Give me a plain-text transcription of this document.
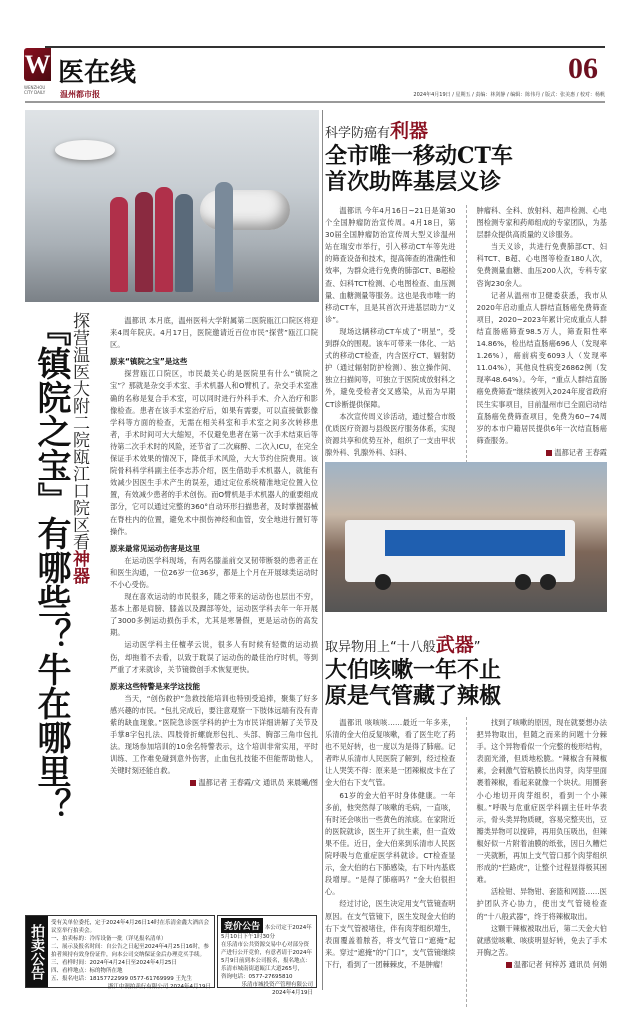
W
WENZHOU CITY DAILY
医在线
温州都市报
06
2024年4月19日 / 星期五 / 责编：林剑静 / 编辑：陈伟丹 / 版式：张美惠 / 校对：杨帆
『镇院之宝』有哪些？牛在哪里？
探营温医大附二院瓯江口院区看神器

温都讯 本月底，温州医科大学附属第二医院瓯江口院区将迎来4周年院庆。4月17日，医院邀请近百位市民“探营”瓯江口院区。

原来“镇院之宝”是这些

探营瓯江口院区，市民最关心的是医院里有什么“镇院之宝”？那就是杂交手术室、手术机器人和O臂机了。杂交手术室准确的名称是复合手术室，可以同时进行外科手术、介入治疗和影像检查。患者在该手术室治疗后，如果有需要，可以直接做影像学科等方面的检查，无需在相关科室和手术室之间多次转移患者，手术时间可大大缩短，不仅避免患者在第一次手术结束后等待第二次手术时的风险，还节省了二次麻醉、二次入ICU，在完全保证手术效果的情况下，降低手术风险，大大节约住院费用。该院骨科科学科副主任李志苏介绍，医生借助手术机器人，就能有效减少因医生手术产生的误差，通过定位系统精准地定位置入位置，有效减少患者的手术创伤。而O臂机是手术机器人的重要组成部分，它可以通过完整的360°自动环形扫描患者，及时掌握器械在脊柱内的位置，避免术中损伤神经和血管，安全地进行置钉等操作。

原来最常见运动伤害是这里

在运动医学科现场，有两名膝盖前交叉韧带断裂的患者正在和医生沟通，一位26岁一位36岁，都是上个月在开展球类运动时不小心受伤。

现在喜欢运动的市民很多，随之带来的运动伤也层出不穷，基本上都是肩膀、膝盖以及踝部等处，运动医学科去年一年开展了3000多例运动损伤手术，尤其是寒暑假，更是运动伤的高发期。

运动医学科主任檀孝云说，很多人有时候有轻微的运动损伤，却拖着不去看，以致于耽误了运动伤的最佳治疗时机，等到严重了才来就诊，关节镜微创手术恢复更快。

原来这些特警是来学这技能

当天，“创伤救护”急救技能培训也特别受追捧，聚集了好多感兴趣的市民。“包扎完成后，要注意观察一下肢体远端有没有青紫的缺血现象。”医院急诊医学科的护士为市民详细讲解了关节及手掌8字包扎法、四肢骨折螺旋形包扎、头部、胸部三角巾包扎法。现场参加培训的10余名特警表示，这个培训非常实用，平时训练、工作难免碰到意外伤害，止血包扎技能不但能帮助他人，关键时刻还能自救。

温都记者 王春霞/文 通讯员 來晨曦/图
拍卖公告
受有关单位委托，定于2024年4月26日14时在乐清金鑫大酒店会议室举行拍卖会。
一、拍卖标的：冷库设备一批（详见报名清单）
二、展示及报名时间：自公告之日起至2024年4月25日16时，参拍者须持有效身份证件，向本公司交纳保证金后办理竞买手续。
三、看样时间：2024年4月24日至2024年4月25日
四、看样地点：标的物所在地
五、报名电话：18157722999 0577-61769999 王先生
浙江中润拍卖行有限公司 2024年4月19日
竞价公告 本公司定于2024年5月10日下午1时30分
在乐清市公共资源交易中心对部分资产进行公开竞价，有意者请于2024年5月9日前到本公司报名，报名地点：乐清市城南街道瓯江大道265号，
咨询电话：0577-27695810
乐清市城投资产管理有限公司
2024年4月19日
科学防癌有利器
全市唯一移动CT车
首次助阵基层义诊

温都讯 今年4月16日~21日是第30个全国肿瘤防治宣传周。4月18日，第30届全国肿瘤防治宣传周大型义诊温州站在瑞安市举行，引入移动CT车等先进的筛查设备和技术，提高筛查的准确性和效率，为群众进行免费的肺部CT、B超检查、妇科TCT检测、心电图检查、血压测量、血糖测量等服务。这也是我市唯一的移动CT车，且是其首次开进基层助力“义诊”。

现场这辆移动CT车成了“明星”，受到群众的围观。该车可带来一体化、一站式的移动CT检查，内含医疗CT、辐射防护（通过辐射防护检测）、独立操作间、独立扫描间等，可独立于医院成放射科之外，避免受检者交叉感染，从而为早期CT诊断提供保障。

本次宣传周义诊活动，通过整合市级优质医疗资源与县级医疗服务体系，实现资源共享和优势互补，组织了一支由甲状腺外科、乳腺外科、妇科、

肿瘤科、全科、放射科、超声检测、心电图检测专家和药师组成的专家团队，为基层群众提供高质量的义诊服务。

当天义诊，共进行免费肺部CT、妇科TCT、B超、心电图等检查180人次，免费测量血糖、血压200人次，专科专家咨询230余人。

记者从温州市卫健委获悉，我市从2020年启动重点人群结直肠癌免费筛查项目，2020~2023年累计完成重点人群结直肠癌筛查98.5万人，筛查阳性率14.86%，检出结直肠癌696人（发现率1.26%），癌前病变6093人（发现率11.04%），其他良性病变26862例（发现率48.64%）。今年，“重点人群结直肠癌免费筛查”继续被列入2024年度省政府民生实事项目，目前温州市已全面启动结直肠癌免费筛查项目，免费为60~74周岁的本市户籍居民提供6年一次结直肠癌筛查服务。

温都记者 王春霞
取异物用上“十八般武器”
大伯咳嗽一年不止
原是气管藏了辣椒

温都讯 咳咳咳……最近一年多来，乐清的金大伯反复咳嗽，看了医生吃了药也不见好转，也一度以为是得了肺癌。记者昨从乐清市人民医院了解到，经过检查让人哭笑不得：原来是一团辣椒皮卡在了金大伯右下支气管。

61岁的金大伯平时身体健康。一年多前，他突然得了咳嗽的毛病，一直咳，有时还会咳出一些黄色的浓痰。在家附近的医院就诊，医生开了抗生素，但一直效果不佳。近日，金大伯来到乐清市人民医院呼吸与危重症医学科就诊。CT检查显示，金大伯的右下肺感染，右下叶内基底段增厚。“是得了肺癌吗？”金大伯很担心。

经过讨论，医生决定用支气管镜查明原因。在支气管镜下，医生发现金大伯的右下支气管被堵住，伴有肉芽组织增生，表面覆盖着脓苔，将支气管口“遮掩”起来。穿过“遮掩”的“门口”，支气管镜继续下行，看到了一团棘棘皮，不是肿瘤！

找到了咳嗽的原因，现在就要想办法把异物取出，但随之而来的问题十分棘手。这个异物看似一个完整的梭形结构，表面光滑，但质地松脆。“辣椒含有辣椒素，会刺激气管粘膜长出肉芽，肉芽里面裹着辣椒，看起来就像一个块状。用圈套小心地切开肉芽组织，看到一个小辣椒。”呼吸与危重症医学科副主任叶华表示，骨头类异物质硬，容易完整夹出，豆瓣类异物可以搅碎，再用负压吸出，但辣椒好似一片附着油膜的纸张，因日久糟烂一夹就断，再加上支气管口那个肉芽组织形成的“拦路虎”，让整个过程显得极其困难。

活检钳、异物钳、套篮和网篮……医护团队齐心协力，使出支气管镜检查的“十八般武器”，终于将辣椒取出。

这颗干辣椒被取出后，第二天金大伯就感觉咳嗽、咳痰明显好转，免去了手术开胸之苦。

温都记者 何梓苏 通讯员 何娟
